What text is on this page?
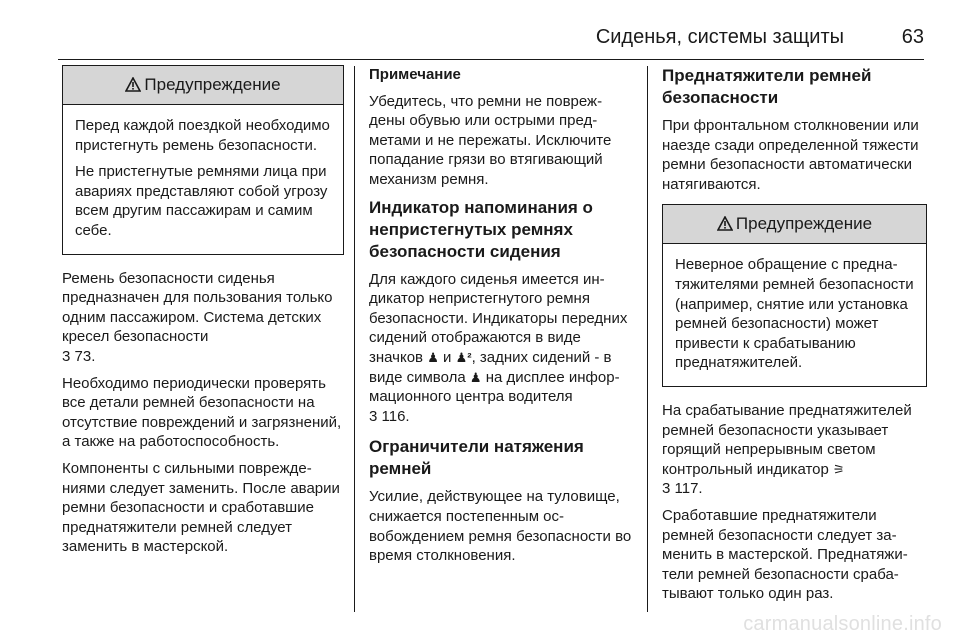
Сиденья, системы защиты	63
Предупреждение

Перед каждой поездкой необходимо пристегнуть ремень безопасности.

Не пристегнутые ремнями лица при авариях представляют собой угрозу всем другим пассажирам и самим себе.

Ремень безопасности сиденья предназначен для пользования только одним пассажиром. Система детских кресел безопасности
3 73.

Необходимо периодически проверять все детали ремней безопасности на отсутствие повреждений и загрязнений, а также на работоспособность.

Компоненты с сильными повреждениями следует заменить. После аварии ремни безопасности и сработавшие преднатяжители ремней следует заменить в мастерской.

Примечание

Убедитесь, что ремни не повреждены обувью или острыми предметами и не пережаты. Исключите попадание грязи во втягивающий механизм ремня.

Индикатор напоминания о непристегнутых ремнях безопасности сидения

Для каждого сиденья имеется индикатор непристегнутого ремня безопасности. Индикаторы передних сидений отображаются в виде значков ♟ и ♟², задних сидений - в виде символа ♟ на дисплее информационного центра водителя
3 116.

Ограничители натяжения ремней

Усилие, действующее на туловище, снижается постепенным освобождением ремня безопасности во время столкновения.

Преднатяжители ремней безопасности

При фронтальном столкновении или наезде сзади определенной тяжести ремни безопасности автоматически натягиваются.

Предупреждение

Неверное обращение с преднатяжителями ремней безопасности (например, снятие или установка ремней безопасности) может привести к срабатыванию преднатяжителей.

На срабатывание преднатяжителей ремней безопасности указывает горящий непрерывным светом контрольный индикатор ⚞
3 117.

Сработавшие преднатяжители ремней безопасности следует заменить в мастерской. Преднатяжители ремней безопасности срабатывают только один раз.

carmanualsonline.info
